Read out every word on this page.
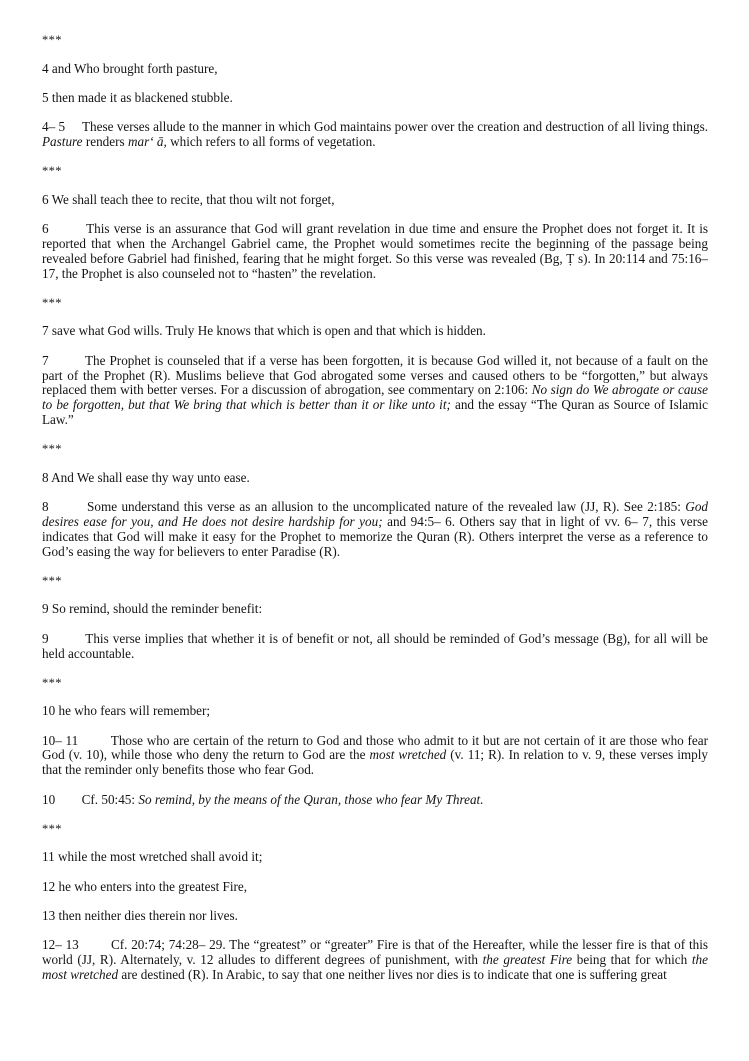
***

4 and Who brought forth pasture,

5 then made it as blackened stubble.

4– 5	These verses allude to the manner in which God maintains power over the creation and destruction of all living things. Pasture renders marʻ ā, which refers to all forms of vegetation.

***

6 We shall teach thee to recite, that thou wilt not forget,

6		This verse is an assurance that God will grant revelation in due time and ensure the Prophet does not forget it. It is reported that when the Archangel Gabriel came, the Prophet would sometimes recite the beginning of the passage being revealed before Gabriel had finished, fearing that he might forget. So this verse was revealed (Bg, Ṭ s). In 20:114 and 75:16– 17, the Prophet is also counseled not to “hasten” the revelation.

***

7 save what God wills. Truly He knows that which is open and that which is hidden.

7		The Prophet is counseled that if a verse has been forgotten, it is because God willed it, not because of a fault on the part of the Prophet (R). Muslims believe that God abrogated some verses and caused others to be “forgotten,” but always replaced them with better verses. For a discussion of abrogation, see commentary on 2:106: No sign do We abrogate or cause to be forgotten, but that We bring that which is better than it or like unto it; and the essay “The Quran as Source of Islamic Law.”

***

8 And We shall ease thy way unto ease.

8		Some understand this verse as an allusion to the uncomplicated nature of the revealed law (JJ, R). See 2:185: God desires ease for you, and He does not desire hardship for you; and 94:5– 6. Others say that in light of vv. 6– 7, this verse indicates that God will make it easy for the Prophet to memorize the Quran (R). Others interpret the verse as a reference to God’s easing the way for believers to enter Paradise (R).

***

9 So remind, should the reminder benefit:

9		This verse implies that whether it is of benefit or not, all should be reminded of God’s message (Bg), for all will be held accountable.

***

10 he who fears will remember;

10– 11	Those who are certain of the return to God and those who admit to it but are not certain of it are those who fear God (v. 10), while those who deny the return to God are the most wretched (v. 11; R). In relation to v. 9, these verses imply that the reminder only benefits those who fear God.

10	Cf. 50:45: So remind, by the means of the Quran, those who fear My Threat.

***

11 while the most wretched shall avoid it;

12 he who enters into the greatest Fire,

13 then neither dies therein nor lives.

12– 13	Cf. 20:74; 74:28– 29. The “greatest” or “greater” Fire is that of the Hereafter, while the lesser fire is that of this world (JJ, R). Alternately, v. 12 alludes to different degrees of punishment, with the greatest Fire being that for which the most wretched are destined (R). In Arabic, to say that one neither lives nor dies is to indicate that one is suffering great
